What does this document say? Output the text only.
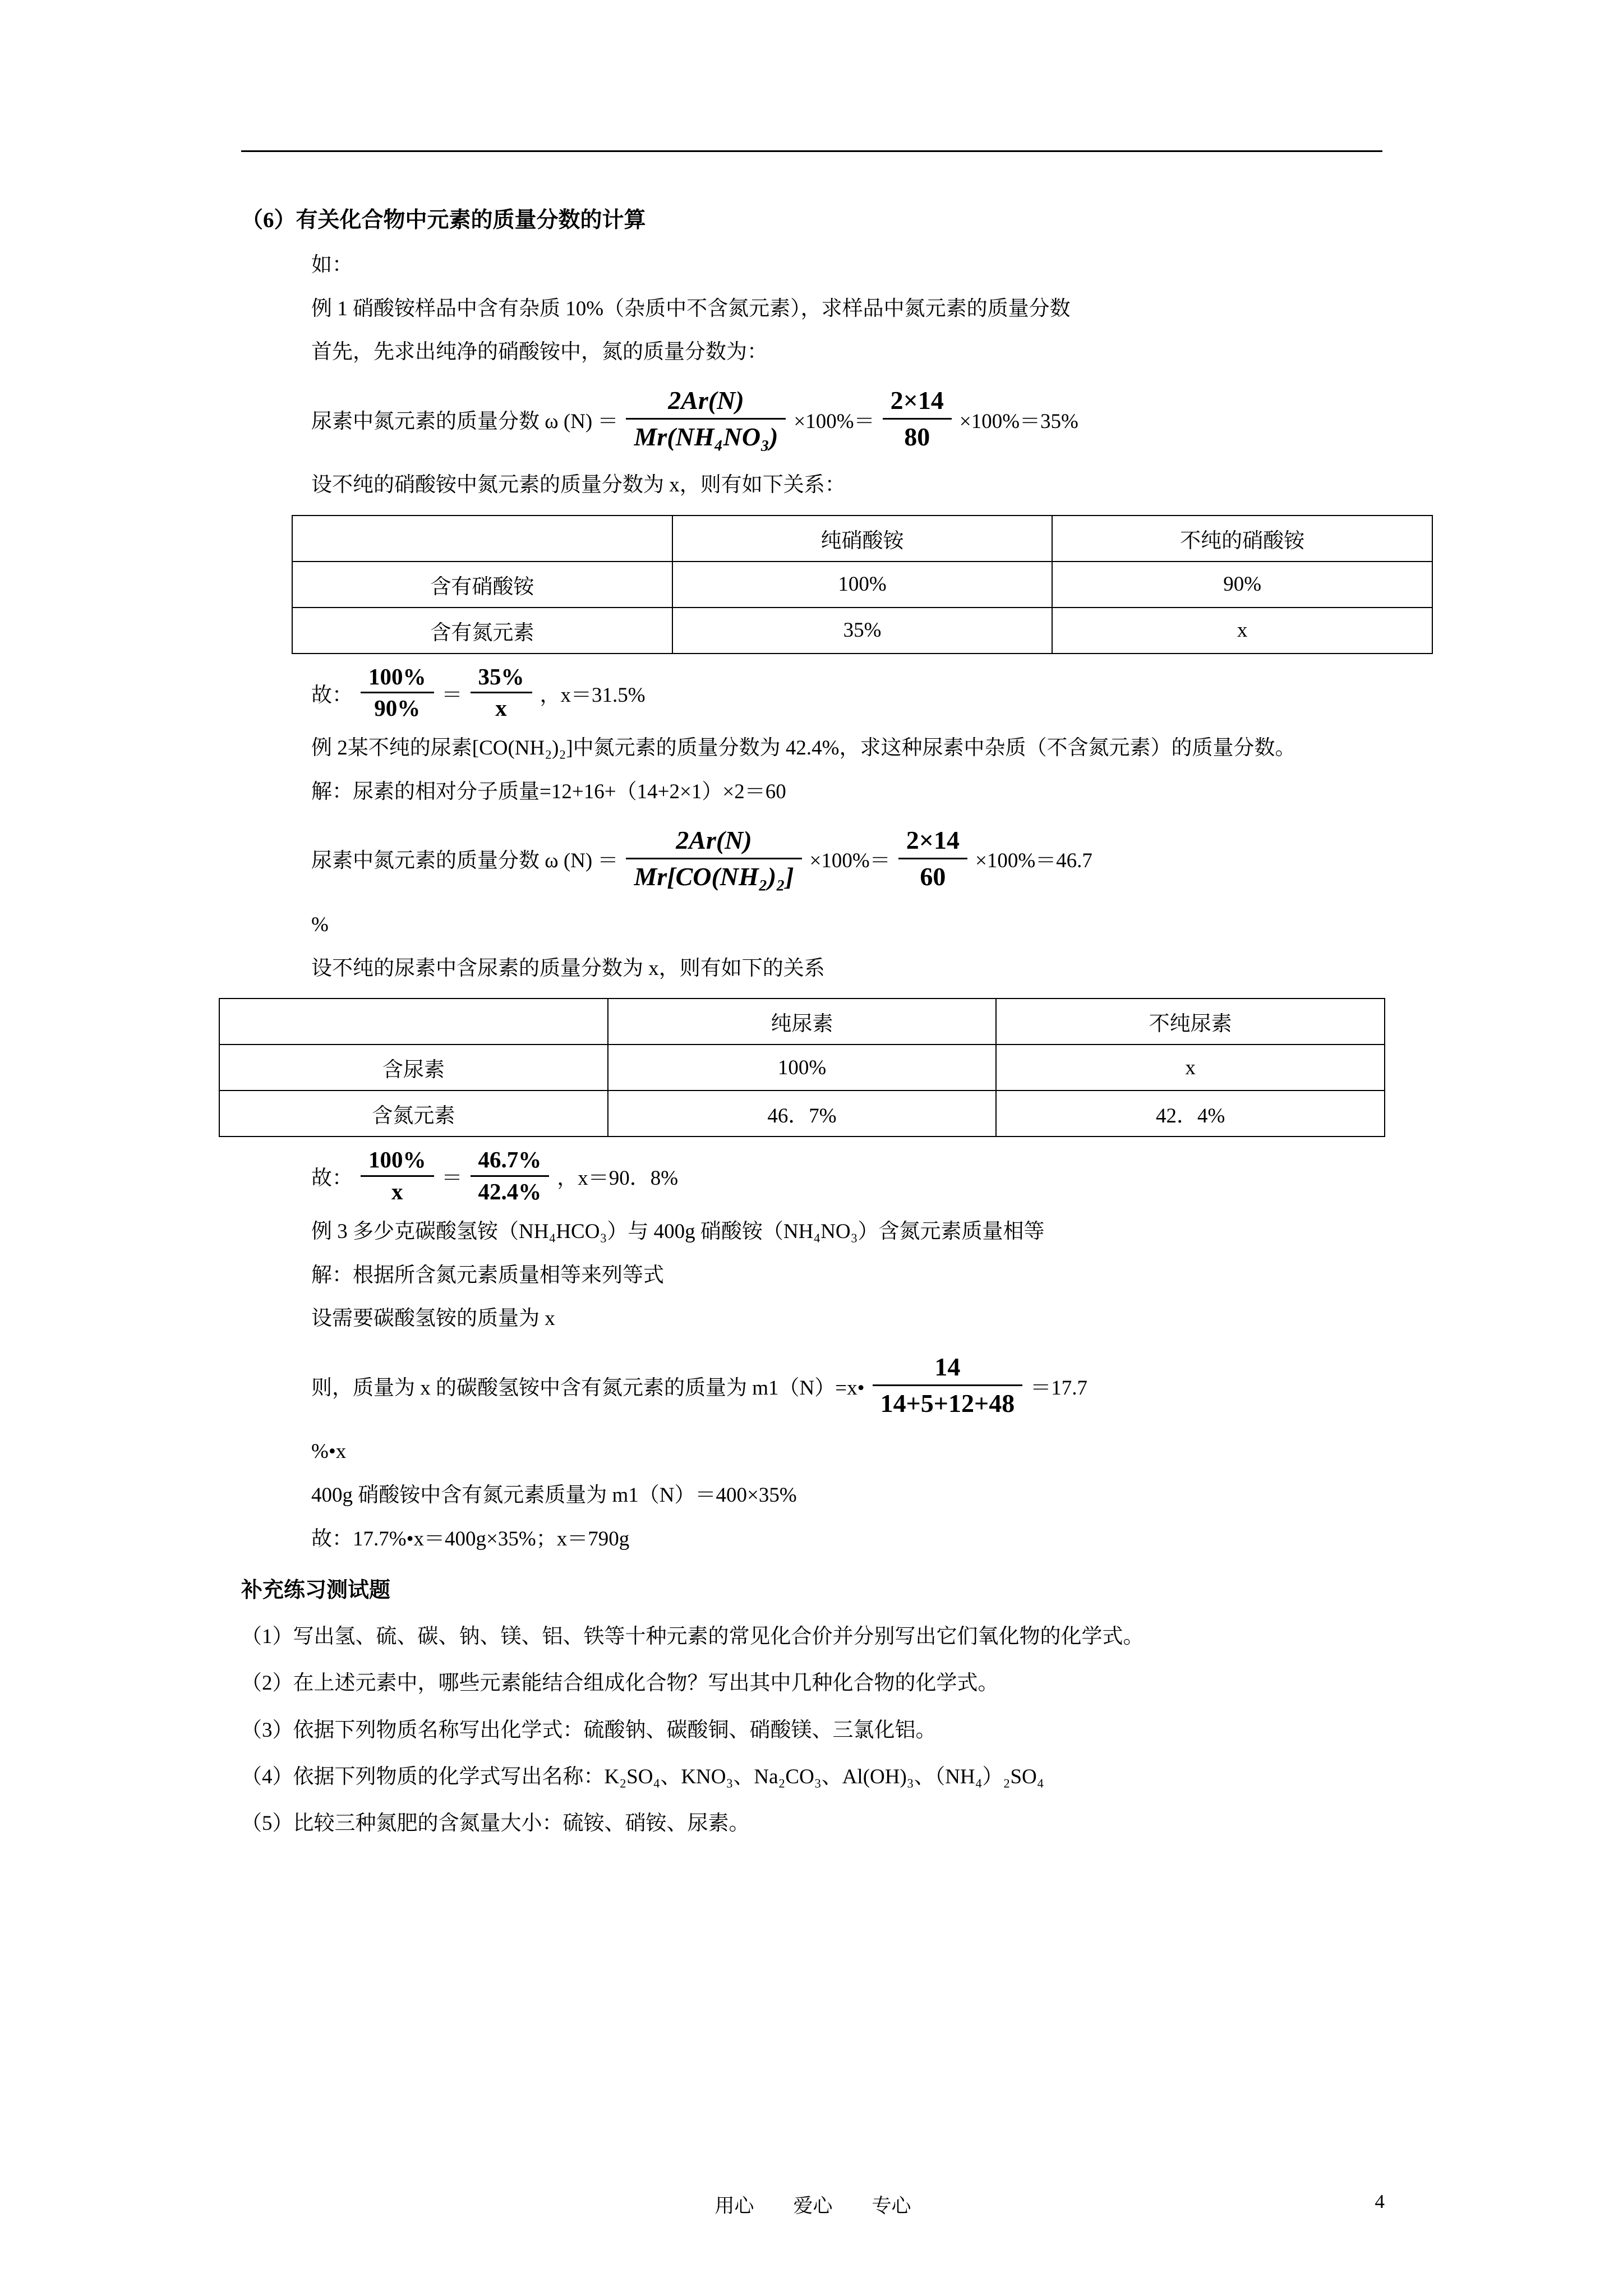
（6）有关化合物中元素的质量分数的计算

如：

例 1 硝酸铵样品中含有杂质 10%（杂质中不含氮元素），求样品中氮元素的质量分数

首先，先求出纯净的硝酸铵中，氮的质量分数为：

尿素中氮元素的质量分数 ω $(N) = \frac{2Ar(N)}{\text{Mr(NH₄NO₃)}} \times 100\%= \frac{2\times 14}{80} \times 100\%=35\%$

设不纯的硝酸铵中氮元素的质量分数为 x，则有如下关系：

	纯硝酸铵	不纯的硝酸铵
含有硝酸铵	100%	90%
含有氮元素	35%	x
故： $\frac{100\%}{90\%} = \frac{35\%}{x}$ ，x＝31.5%

例 2某不纯的尿素[CO(NH₂)₂]中氮元素的质量分数为 42.4%，求这种尿素中杂质（不含氮元素）的质量分数。

解：尿素的相对分子质量=12+16+（14+2×1）×2＝60

尿素中氮元素的质量分数 ω $(N) = \frac{2Ar(N)}{\text{Mr[CO(NH₂)₂]}} \times 100\%= \frac{2\times 14}{60} \times 100\%=46.7$

%

设不纯的尿素中含尿素的质量分数为 x，则有如下的关系

	纯尿素	不纯尿素
含尿素	100%	x
含氮元素	46．7%	42．4%
故： $\frac{100\%}{x} = \frac{46.7\%}{42.4\%}$ ，x＝90．8%

例 3 多少克碳酸氢铵（NH₄HCO₃）与 400g 硝酸铵（NH₄NO₃）含氮元素质量相等

解：根据所含氮元素质量相等来列等式

设需要碳酸氢铵的质量为 x

则，质量为 x 的碳酸氢铵中含有氮元素的质量为 m1（N）=x• $\frac{14}{14+5+12+48} =17.7$

%•x

400g 硝酸铵中含有氮元素质量为 m1（N）＝400×35%

故：17.7%•x＝400g×35%；x＝790g

补充练习测试题

（1）写出氢、硫、碳、钠、镁、铝、铁等十种元素的常见化合价并分别写出它们氧化物的化学式。

（2）在上述元素中，哪些元素能结合组成化合物？写出其中几种化合物的化学式。

（3）依据下列物质名称写出化学式：硫酸钠、碳酸铜、硝酸镁、三氯化铝。

（4）依据下列物质的化学式写出名称：K₂SO₄、KNO₃、Na₂CO₃、Al(OH)₃、（NH₄）₂SO₄

（5）比较三种氮肥的含氮量大小：硫铵、硝铵、尿素。

用心 爱心 专心	4
